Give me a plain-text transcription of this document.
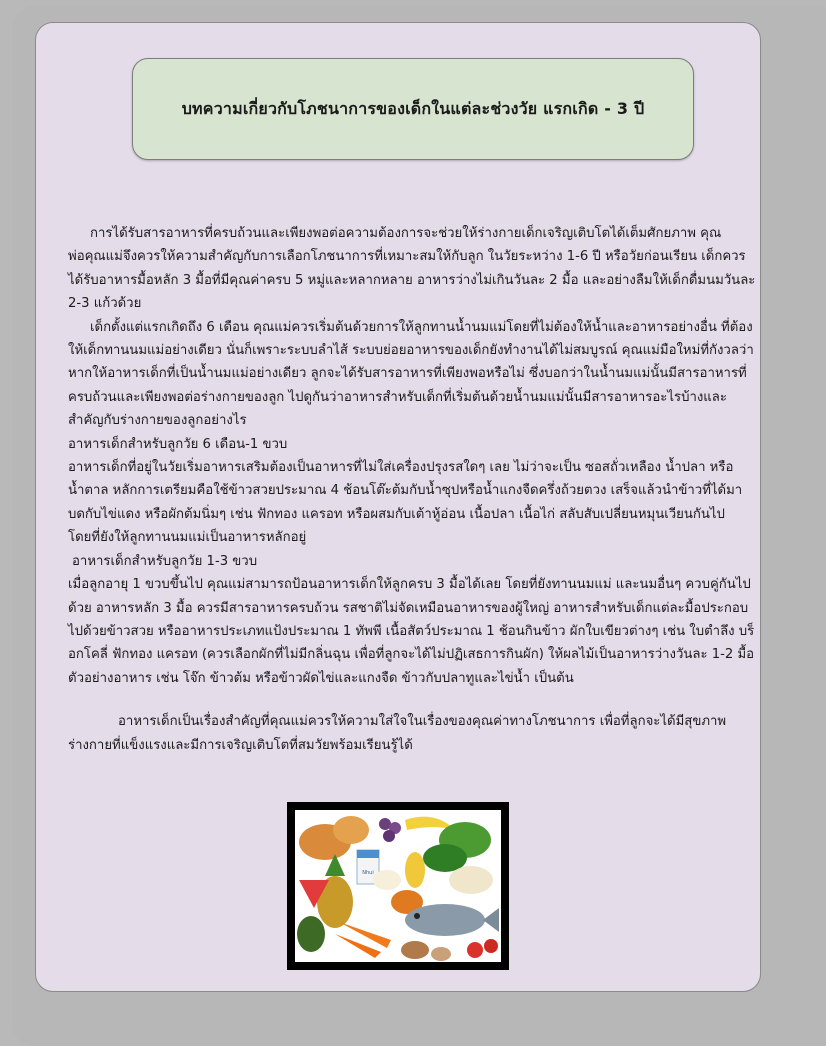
บทความเกี่ยวกับโภชนาการของเด็กในแต่ละช่วงวัย แรกเกิด - 3 ปี

การได้รับสารอาหารที่ครบถ้วนและเพียงพอต่อความต้องการจะช่วยให้ร่างกายเด็กเจริญเติบโตได้เต็มศักยภาพ คุณพ่อคุณแม่จึงควรให้ความสำคัญกับการเลือกโภชนาการที่เหมาะสมให้กับลูก ในวัยระหว่าง 1-6 ปี หรือวัยก่อนเรียน เด็กควรได้รับอาหารมื้อหลัก 3 มื้อที่มีคุณค่าครบ 5 หมู่และหลากหลาย อาหารว่างไม่เกินวันละ 2 มื้อ และอย่างลืมให้เด็กดื่มนมวันละ 2-3 แก้วด้วย

เด็กตั้งแต่แรกเกิดถึง 6 เดือน คุณแม่ควรเริ่มต้นด้วยการให้ลูกทานน้ำนมแม่โดยที่ไม่ต้องให้น้ำและอาหารอย่างอื่น ที่ต้องให้เด็กทานนมแม่อย่างเดียว นั่นก็เพราะระบบลำไส้ ระบบย่อยอาหารของเด็กยังทำงานได้ไม่สมบูรณ์ คุณแม่มือใหม่ที่กังวลว่าหากให้อาหารเด็กที่เป็นน้ำนมแม่อย่างเดียว ลูกจะได้รับสารอาหารที่เพียงพอหรือไม่ ซึ่งบอกว่าในน้ำนมแม่นั้นมีสารอาหารที่ครบถ้วนและเพียงพอต่อร่างกายของลูก ไปดูกันว่าอาหารสำหรับเด็กที่เริ่มต้นด้วยน้ำนมแม่นั้นมีสารอาหารอะไรบ้างและสำคัญกับร่างกายของลูกอย่างไร

อาหารเด็กสำหรับลูกวัย 6 เดือน-1 ขวบ

อาหารเด็กที่อยู่ในวัยเริ่มอาหารเสริมต้องเป็นอาหารที่ไม่ใส่เครื่องปรุงรสใดๆ เลย ไม่ว่าจะเป็น ซอสถั่วเหลือง น้ำปลา หรือน้ำตาล หลักการเตรียมคือใช้ข้าวสวยประมาณ 4 ช้อนโต๊ะต้มกับน้ำซุปหรือน้ำแกงจืดครึ่งถ้วยตวง เสร็จแล้วนำข้าวที่ได้มาบดกับไข่แดง หรือผักต้มนิ่มๆ เช่น ฟักทอง แครอท หรือผสมกับเต้าหู้อ่อน เนื้อปลา เนื้อไก่ สลับสับเปลี่ยนหมุนเวียนกันไป โดยที่ยังให้ลูกทานนมแม่เป็นอาหารหลักอยู่

อาหารเด็กสำหรับลูกวัย 1-3 ขวบ

เมื่อลูกอายุ 1 ขวบขึ้นไป คุณแม่สามารถป้อนอาหารเด็กให้ลูกครบ 3 มื้อได้เลย โดยที่ยังทานนมแม่ และนมอื่นๆ ควบคู่กันไปด้วย อาหารหลัก 3 มื้อ ควรมีสารอาหารครบถ้วน รสชาติไม่จัดเหมือนอาหารของผู้ใหญ่ อาหารสำหรับเด็กแต่ละมื้อประกอบไปด้วยข้าวสวย หรืออาหารประเภทแป้งประมาณ 1 ทัพพี เนื้อสัตว์ประมาณ 1 ช้อนกินข้าว ผักใบเขียวต่างๆ เช่น ใบตำลึง บร็อกโคลี่ ฟักทอง แครอท (ควรเลือกผักที่ไม่มีกลิ่นฉุน เพื่อที่ลูกจะได้ไม่ปฏิเสธการกินผัก) ให้ผลไม้เป็นอาหารว่างวันละ 1-2 มื้อ ตัวอย่างอาหาร เช่น โจ๊ก ข้าวต้ม หรือข้าวผัดไข่และแกงจืด ข้าวกับปลาทูและไข่น้ำ เป็นต้น

อาหารเด็กเป็นเรื่องสำคัญที่คุณแม่ควรให้ความใส่ใจในเรื่องของคุณค่าทางโภชนาการ เพื่อที่ลูกจะได้มีสุขภาพร่างกายที่แข็งแรงและมีการเจริญเติบโตที่สมวัยพร้อมเรียนรู้ได้

Nhui
